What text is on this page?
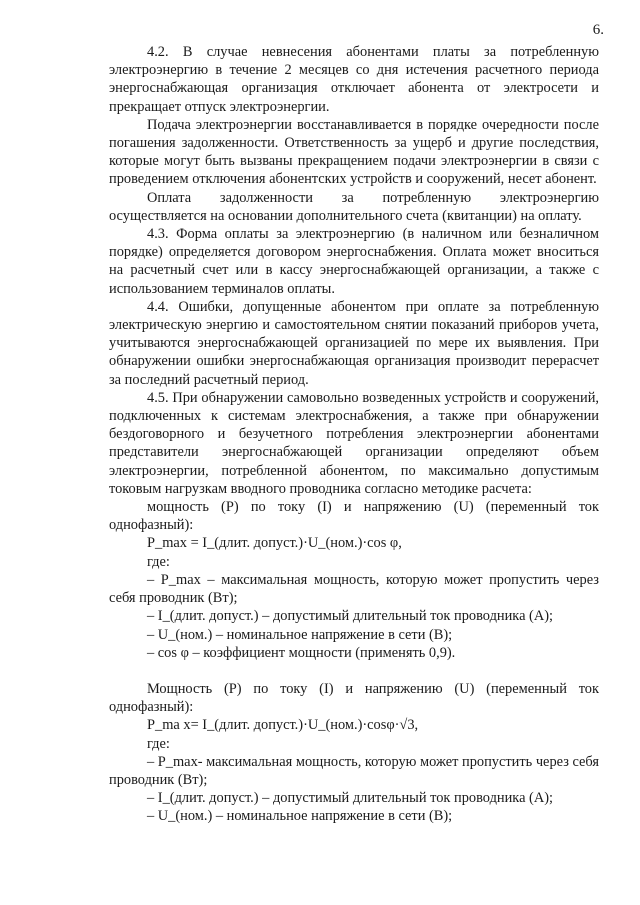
6.

4.2. В случае невнесения абонентами платы за потребленную электроэнергию в течение 2 месяцев со дня истечения расчетного периода энергоснабжающая организация отключает абонента от электросети и прекращает отпуск электроэнергии.

Подача электроэнергии восстанавливается в порядке очередности после погашения задолженности. Ответственность за ущерб и другие последствия, которые могут быть вызваны прекращением подачи электроэнергии в связи с проведением отключения абонентских устройств и сооружений, несет абонент.

Оплата задолженности за потребленную электроэнергию осуществляется на основании дополнительного счета (квитанции) на оплату.

4.3. Форма оплаты за электроэнергию (в наличном или безналичном порядке) определяется договором энергоснабжения. Оплата может вноситься на расчетный счет или в кассу энергоснабжающей организации, а также с использованием терминалов оплаты.

4.4. Ошибки, допущенные абонентом при оплате за потребленную электрическую энергию и самостоятельном снятии показаний приборов учета, учитываются энергоснабжающей организацией по мере их выявления. При обнаружении ошибки энергоснабжающая организация производит перерасчет за последний расчетный период.

4.5. При обнаружении самовольно возведенных устройств и сооружений, подключенных к системам электроснабжения, а также при обнаружении бездоговорного и безучетного потребления электроэнергии абонентами представители энергоснабжающей организации определяют объем электроэнергии, потребленной абонентом, по максимально допустимым токовым нагрузкам вводного проводника согласно методике расчета:

мощность (Р) по току (I) и напряжению (U) (переменный ток однофазный):

P_max = I_(длит. допуст.)·U_(ном.)·cos φ,

где:

– P_max – максимальная мощность, которую может пропустить через себя проводник (Вт);

– I_(длит. допуст.) – допустимый длительный ток проводника (А);

– U_(ном.) – номинальное напряжение в сети (В);

– cos φ – коэффициент мощности (применять 0,9).

Мощность (Р) по току (I) и напряжению (U) (переменный ток однофазный):

P_ma x= I_(длит. допуст.)·U_(ном.)·cosφ·√3,

где:

– P_max- максимальная мощность, которую может пропустить через себя проводник (Вт);

– I_(длит. допуст.) – допустимый длительный ток проводника (А);

– U_(ном.) – номинальное напряжение в сети (В);
